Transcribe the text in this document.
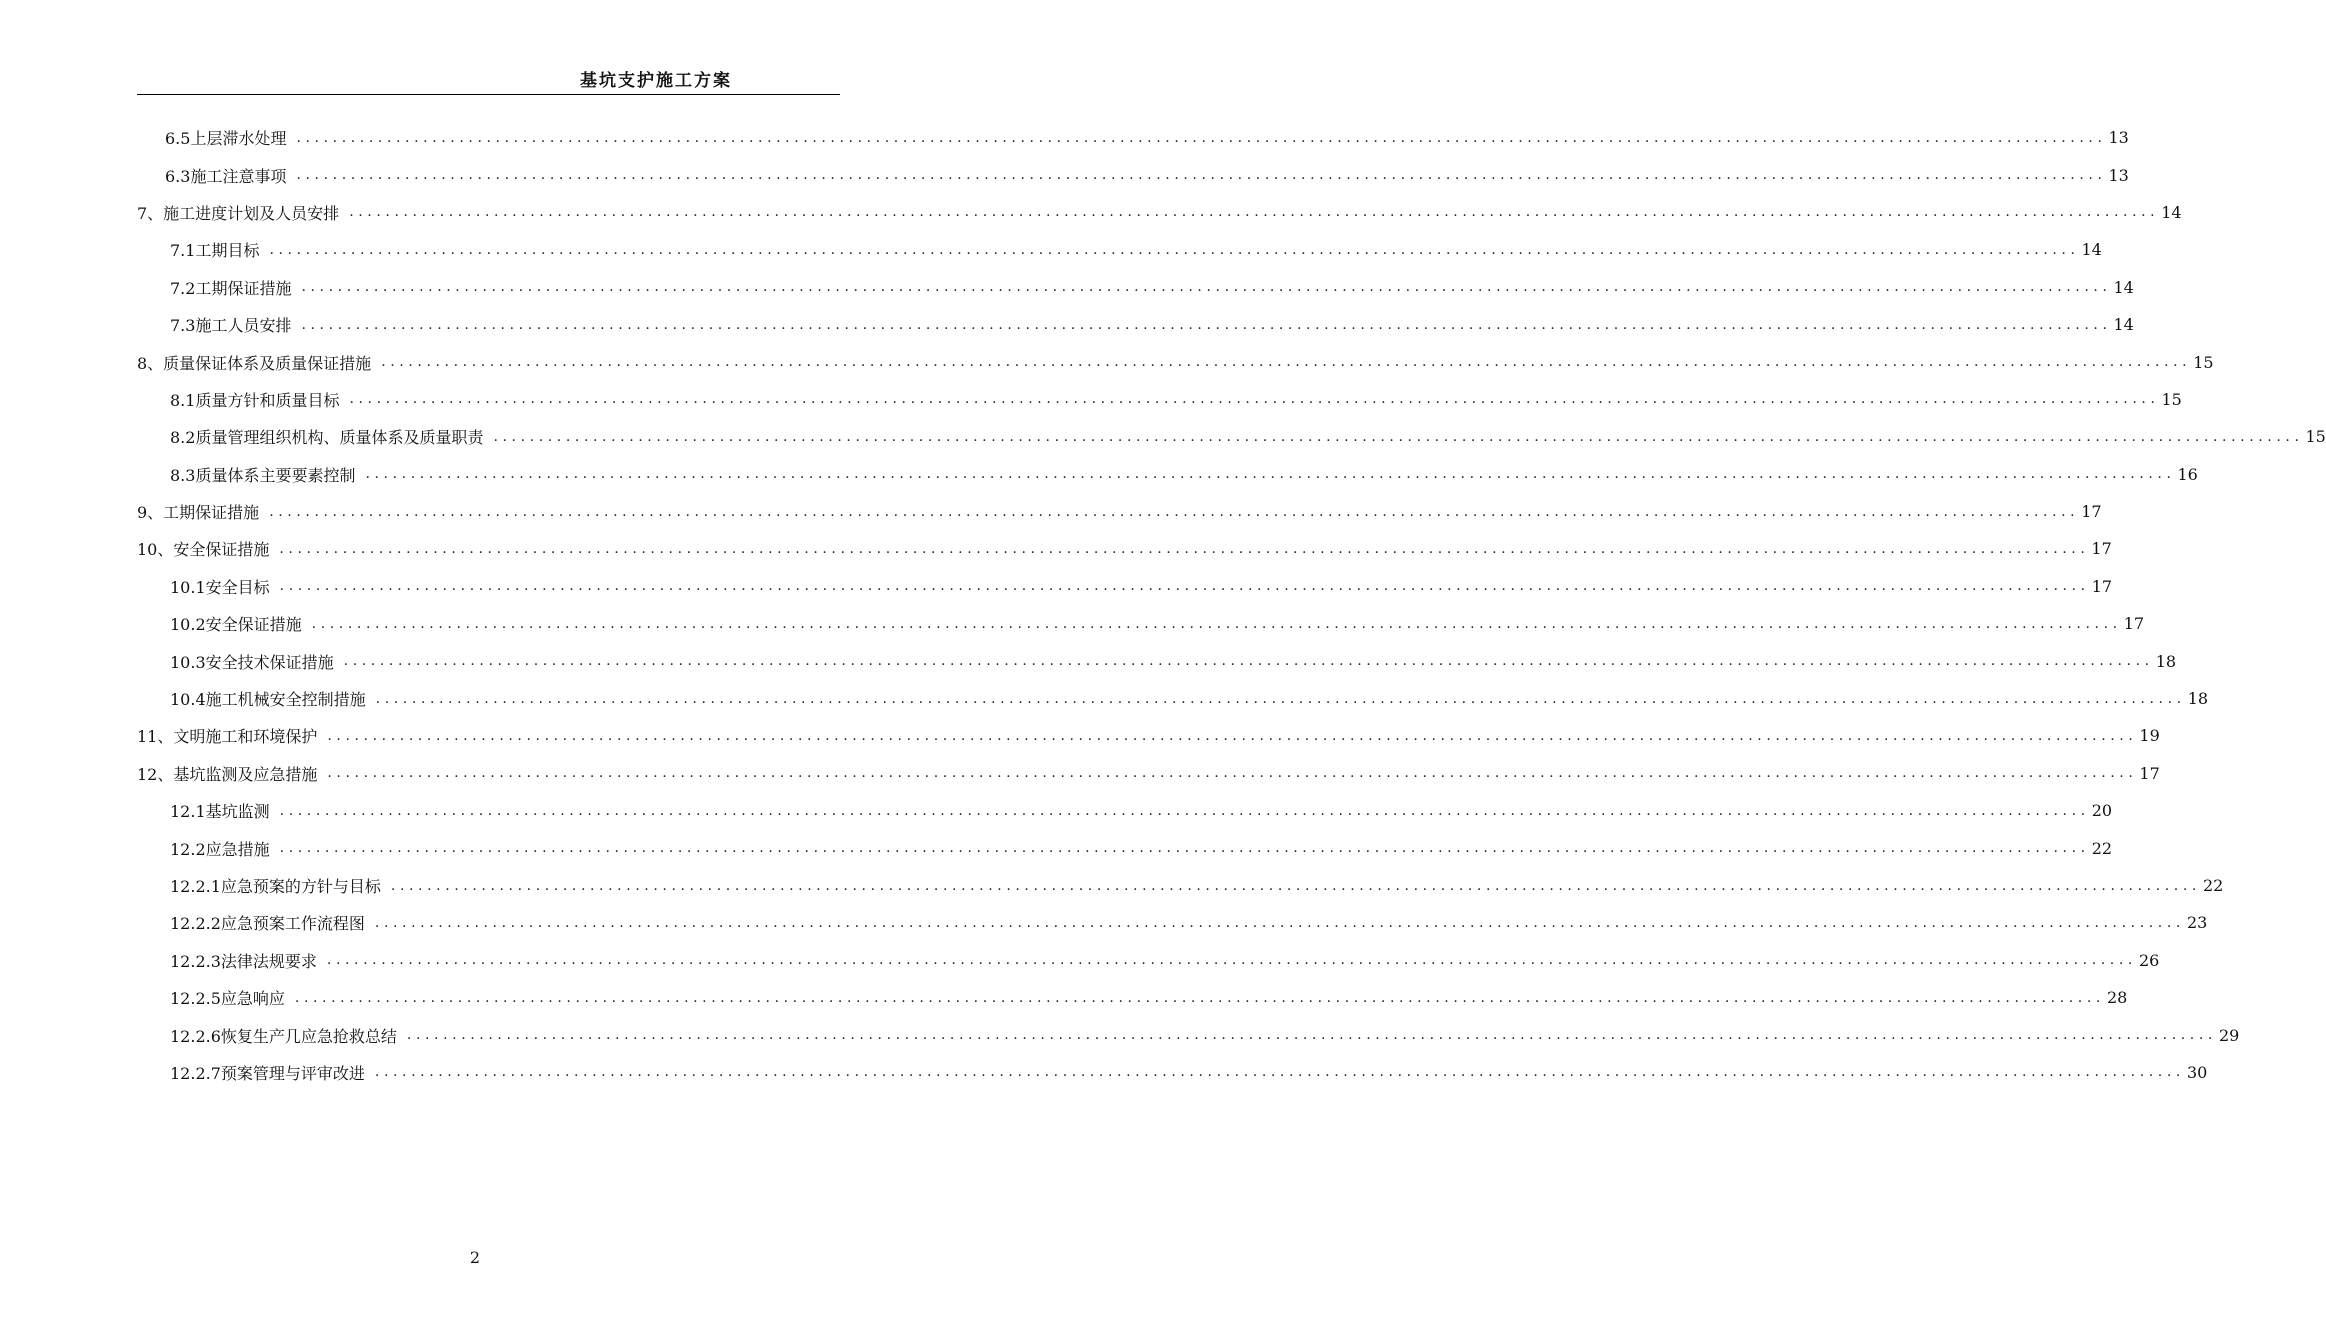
基坑支护施工方案
6.5上层滞水处理 ........................................................................................................................................................................................................ 13
6.3施工注意事项 ........................................................................................................................................................................................................ 13
7、施工进度计划及人员安排 ........................................................................................................................................................................................................ 14
7.1工期目标 ........................................................................................................................................................................................................ 14
7.2工期保证措施 ........................................................................................................................................................................................................ 14
7.3施工人员安排 ........................................................................................................................................................................................................ 14
8、质量保证体系及质量保证措施 ........................................................................................................................................................................................................ 15
8.1质量方针和质量目标 ........................................................................................................................................................................................................ 15
8.2质量管理组织机构、质量体系及质量职责 ........................................................................................................................................................................................................ 15
8.3质量体系主要要素控制 ........................................................................................................................................................................................................ 16
9、工期保证措施 ........................................................................................................................................................................................................ 17
10、安全保证措施 ........................................................................................................................................................................................................ 17
10.1安全目标 ........................................................................................................................................................................................................ 17
10.2安全保证措施 ........................................................................................................................................................................................................ 17
10.3安全技术保证措施 ........................................................................................................................................................................................................ 18
10.4施工机械安全控制措施 ........................................................................................................................................................................................................ 18
11、文明施工和环境保护 ........................................................................................................................................................................................................ 19
12、基坑监测及应急措施 ........................................................................................................................................................................................................ 17
12.1基坑监测 ........................................................................................................................................................................................................ 20
12.2应急措施 ........................................................................................................................................................................................................ 22
12.2.1应急预案的方针与目标 ........................................................................................................................................................................................................ 22
12.2.2应急预案工作流程图 ........................................................................................................................................................................................................ 23
12.2.3法律法规要求 ........................................................................................................................................................................................................ 26
12.2.5应急响应 ........................................................................................................................................................................................................ 28
12.2.6恢复生产几应急抢救总结 ........................................................................................................................................................................................................ 29
12.2.7预案管理与评审改进 ........................................................................................................................................................................................................ 30
2
